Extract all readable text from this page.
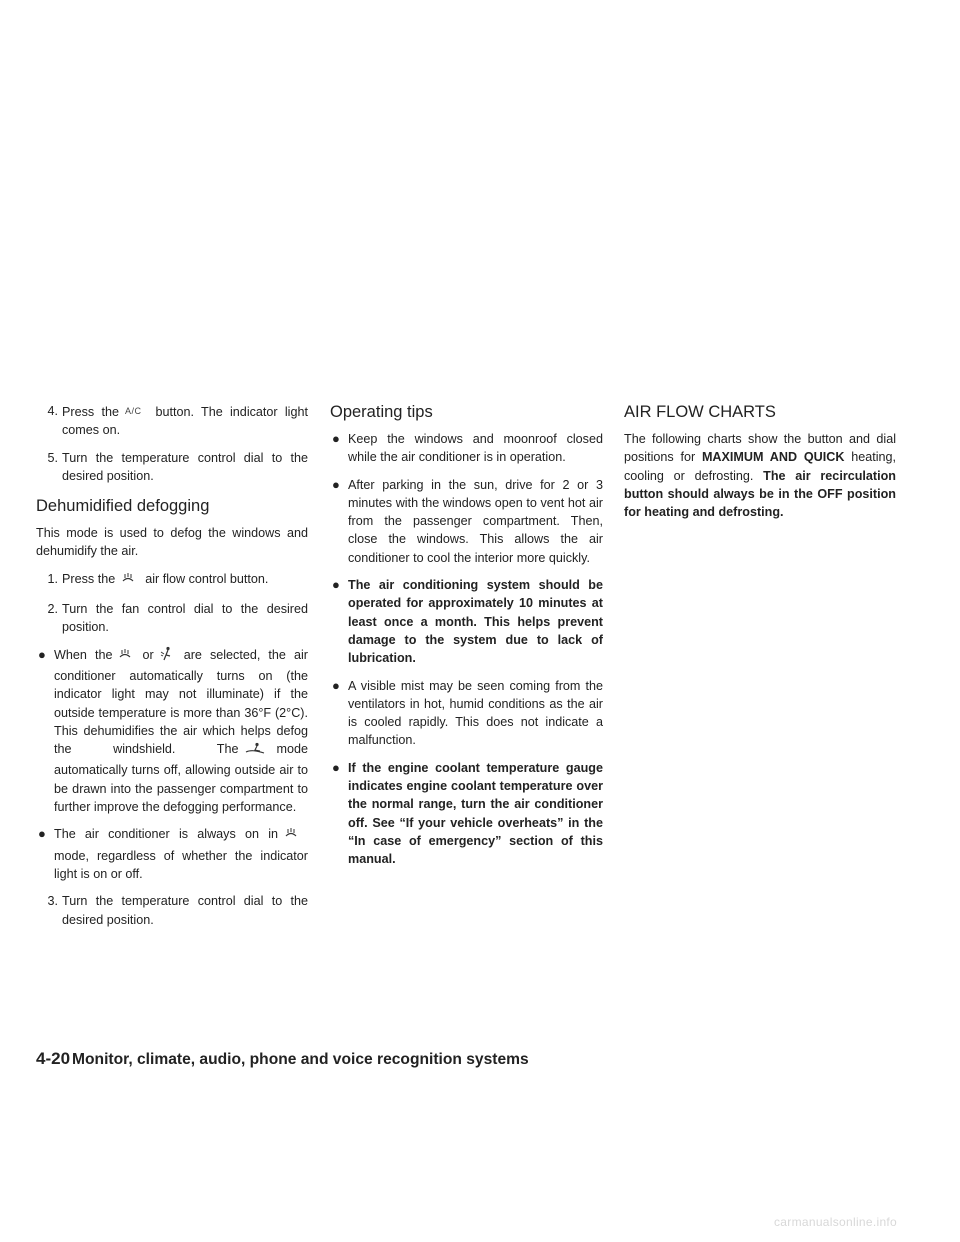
4. Press the A/C button. The indicator light comes on.
5. Turn the temperature control dial to the desired position.
Dehumidified defogging

This mode is used to defog the windows and dehumidify the air.

1. Press the air flow control button.
2. Turn the fan control dial to the desired position.
● When the or are selected, the air conditioner automatically turns on (the indicator light may not illuminate) if the outside temperature is more than 36°F (2°C). This dehumidifies the air which helps defog the windshield. The	mode automatically turns off, allowing outside air to be drawn into the passenger compartment to further improve the defogging performance.
● The air conditioner is always on inmode, regardless of whether the indicator light is on or off.
3. Turn the temperature control dial to the desired position.
Operating tips
● Keep the windows and moonroof closed while the air conditioner is in operation.
● After parking in the sun, drive for 2 or 3 minutes with the windows open to vent hot air from the passenger compartment. Then, close the windows. This allows the air conditioner to cool the interior more quickly.
● The air conditioning system should be operated for approximately 10 minutes at least once a month. This helps prevent damage to the system due to lack of lubrication.
● A visible mist may be seen coming from the ventilators in hot, humid conditions as the air is cooled rapidly. This does not indicate a malfunction.
● If the engine coolant temperature gauge indicates engine coolant temperature over the normal range, turn the air conditioner off. See “If your vehicle overheats” in the “In case of emergency” section of this manual.
AIR FLOW CHARTS

The following charts show the button and dial positions for MAXIMUM AND QUICK heating, cooling or defrosting. The air recirculation button should always be in the OFF position for heating and defrosting.

4-20 Monitor, climate, audio, phone and voice recognition systems
carmanualsonline.info
